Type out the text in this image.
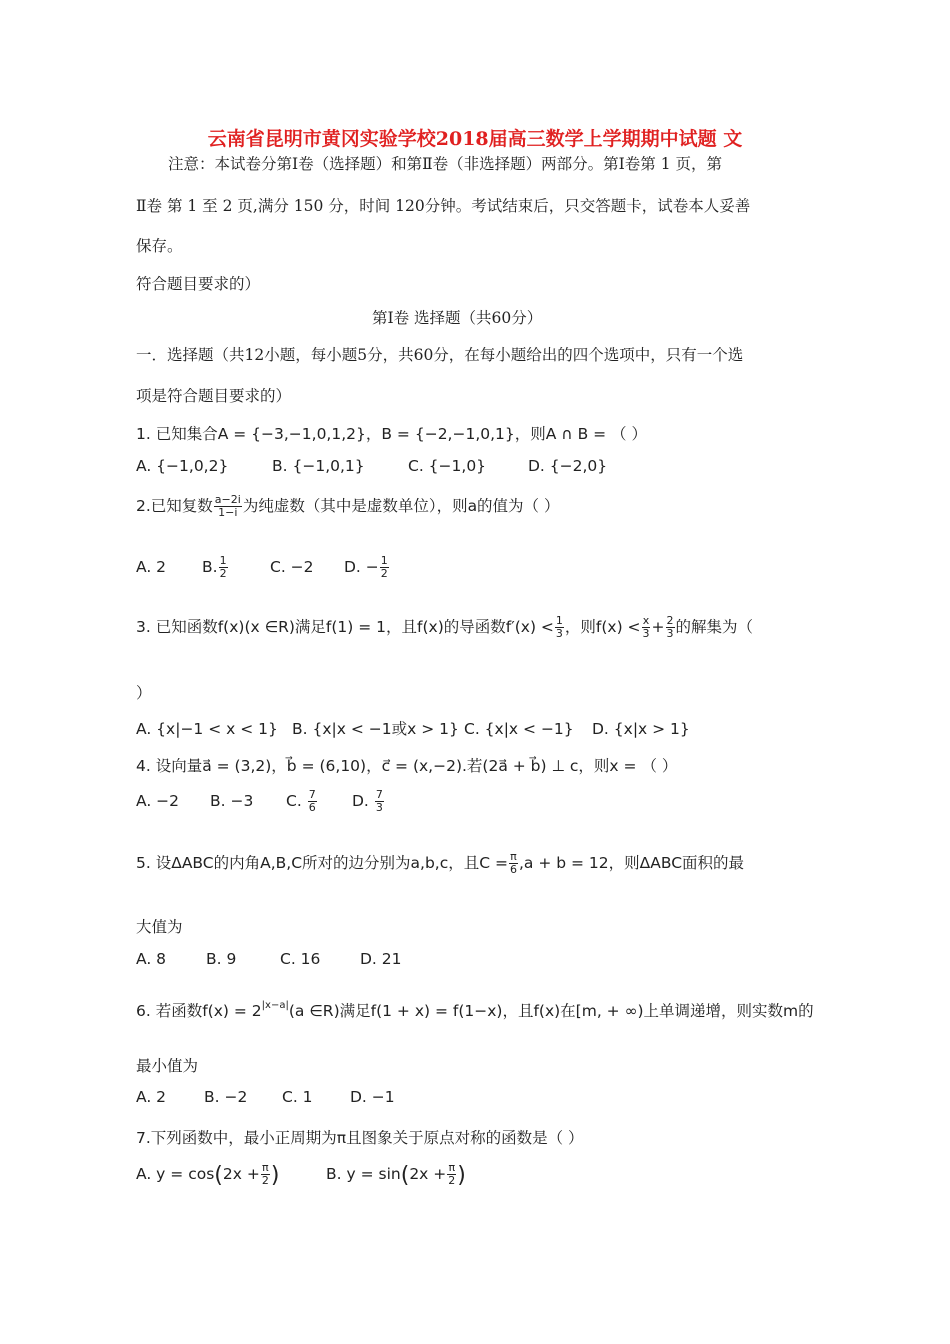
云南省昆明市黄冈实验学校2018届高三数学上学期期中试题 文
注意：本试卷分第Ⅰ卷（选择题）和第Ⅱ卷（非选择题）两部分。第Ⅰ卷第 1 页，第
Ⅱ卷 第 1 至 2 页,满分 150 分，时间 120分钟。考试结束后，只交答题卡，试卷本人妥善
保存。
符合题目要求的）
第Ⅰ卷 选择题（共60分）
一．选择题（共12小题，每小题5分，共60分，在每小题给出的四个选项中，只有一个选
项是符合题目要求的）
1. 已知集合A = {−3,−1,0,1,2}，B = {−2,−1,0,1}，则A ∩ B = （ ）
A. {−1,0,2}	B. {−1,0,1}	C. {−1,0}	D. {−2,0}
2.已知复数 $\frac{a-2i}{1-i}$ 为纯虚数（其中是虚数单位），则a的值为（ ）
A. 2 B. $\frac{1}{2}$	C. −2 D. − $\frac{1}{2}$
3. 已知函数f(x)(x ∈R)满足f(1) = 1，且f(x)的导函数$f'(x) < \frac{1}{3}$ ，则$f(x) < \frac{x}{3} + \frac{2}{3}$ 的解集为（
）
A. {x|−1 < x < 1} B. {x|x < −1或x > 1} C. {x|x < −1} D. {x|x > 1}
4. 设向量a⃗ = (3,2)，b⃗ = (6,10)，c⃗ = (x,−2).若(2a⃗ + b⃗) ⊥ c，则x = （ ）
A. −2 B. −3 C. $\frac{7}{6} D$. $\frac{7}{3}$
5. 设ΔABC的内角A,B,C所对的边分别为a,b,c，且$C = \frac{\pi}{6} ,a + b = 12$，则ΔABC面积的最
大值为
A. 8	B. 9	C. 16	D. 21
6. 若函数$f(x) = 2^{|x-a|}(a$ ∈R)满足f(1 + x) = f(1−x)，且f(x)在[m, + ∞)上单调递增，则实数m的
最小值为
A. 2 B. −2 C. 1 D. −1
7.下列函数中，最小正周期为π且图象关于原点对称的函数是（ ）
A. $y = \cos(2x + \frac{\pi}{2}$ )	B. $y = \sin(2x + \frac{\pi}{2}$ )
